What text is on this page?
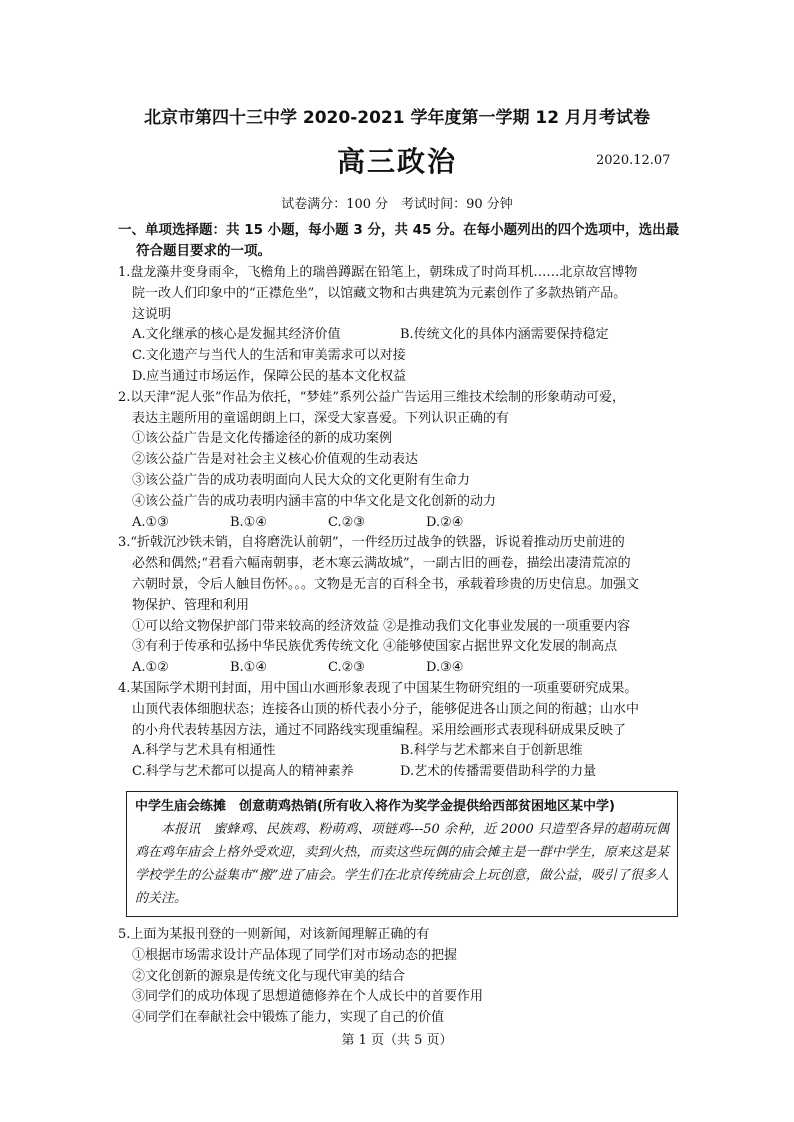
北京市第四十三中学 2020-2021 学年度第一学期 12 月月考试卷
高三政治	2020.12.07
试卷满分：100 分　考试时间：90 分钟
一、单项选择题：共 15 小题，每小题 3 分，共 45 分。在每小题列出的四个选项中，选出最符合题目要求的一项。
1.盘龙藻井变身雨伞，飞檐角上的瑞兽蹲踞在铅笔上，朝珠成了时尚耳机……北京故宫博物
院一改人们印象中的“正襟危坐”，以馆藏文物和古典建筑为元素创作了多款热销产品。
这说明
A.文化继承的核心是发掘其经济价值	B.传统文化的具体内涵需要保持稳定
C.文化遗产与当代人的生活和审美需求可以对接
D.应当通过市场运作，保障公民的基本文化权益
2.以天津“泥人张”作品为依托，“梦娃”系列公益广告运用三维技术绘制的形象萌动可爱，
表达主题所用的童谣朗朗上口，深受大家喜爱。下列认识正确的有
①该公益广告是文化传播途径的新的成功案例
②该公益广告是对社会主义核心价值观的生动表达
③该公益广告的成功表明面向人民大众的文化更附有生命力
④该公益广告的成功表明内涵丰富的中华文化是文化创新的动力
A.①③	B.①④	C.②③	D.②④
3.“折戟沉沙铁未销，自将磨洗认前朝”，一件经历过战争的铁器，诉说着推动历史前进的
必然和偶然;“君看六幅南朝事，老木寒云满故城”，一副古旧的画卷，描绘出凄清荒凉的
六朝时景，令后人触目伤怀。。。文物是无言的百科全书，承载着珍贵的历史信息。加强文
物保护、管理和利用
①可以给文物保护部门带来较高的经济效益 ②是推动我们文化事业发展的一项重要内容
③有利于传承和弘扬中华民族优秀传统文化 ④能够使国家占据世界文化发展的制高点
A.①②	B.①④	C.②③	D.③④
4.某国际学术期刊封面，用中国山水画形象表现了中国某生物研究组的一项重要研究成果。
山顶代表体细胞状态；连接各山顶的桥代表小分子，能够促进各山顶之间的衔越；山水中
的小舟代表转基因方法，通过不同路线实现重编程。采用绘画形式表现科研成果反映了
A.科学与艺术具有相通性	B.科学与艺术都来自于创新思维
C.科学与艺术都可以提高人的精神素养	D.艺术的传播需要借助科学的力量
中学生庙会练摊　创意萌鸡热销(所有收入将作为奖学金提供给西部贫困地区某中学)
本报讯　蜜蜂鸡、民族鸡、粉萌鸡、项链鸡---50 余种，近 2000 只造型各异的超萌玩偶鸡在鸡年庙会上格外受欢迎，卖到火热，而卖这些玩偶的庙会摊主是一群中学生，原来这是某学校学生的公益集市“搬”进了庙会。学生们在北京传统庙会上玩创意，做公益，吸引了很多人的关注。
5.上面为某报刊登的一则新闻，对该新闻理解正确的有
①根据市场需求设计产品体现了同学们对市场动态的把握
②文化创新的源泉是传统文化与现代审美的结合
③同学们的成功体现了思想道德修养在个人成长中的首要作用
④同学们在奉献社会中锻炼了能力，实现了自己的价值
第 1 页（共 5 页）
